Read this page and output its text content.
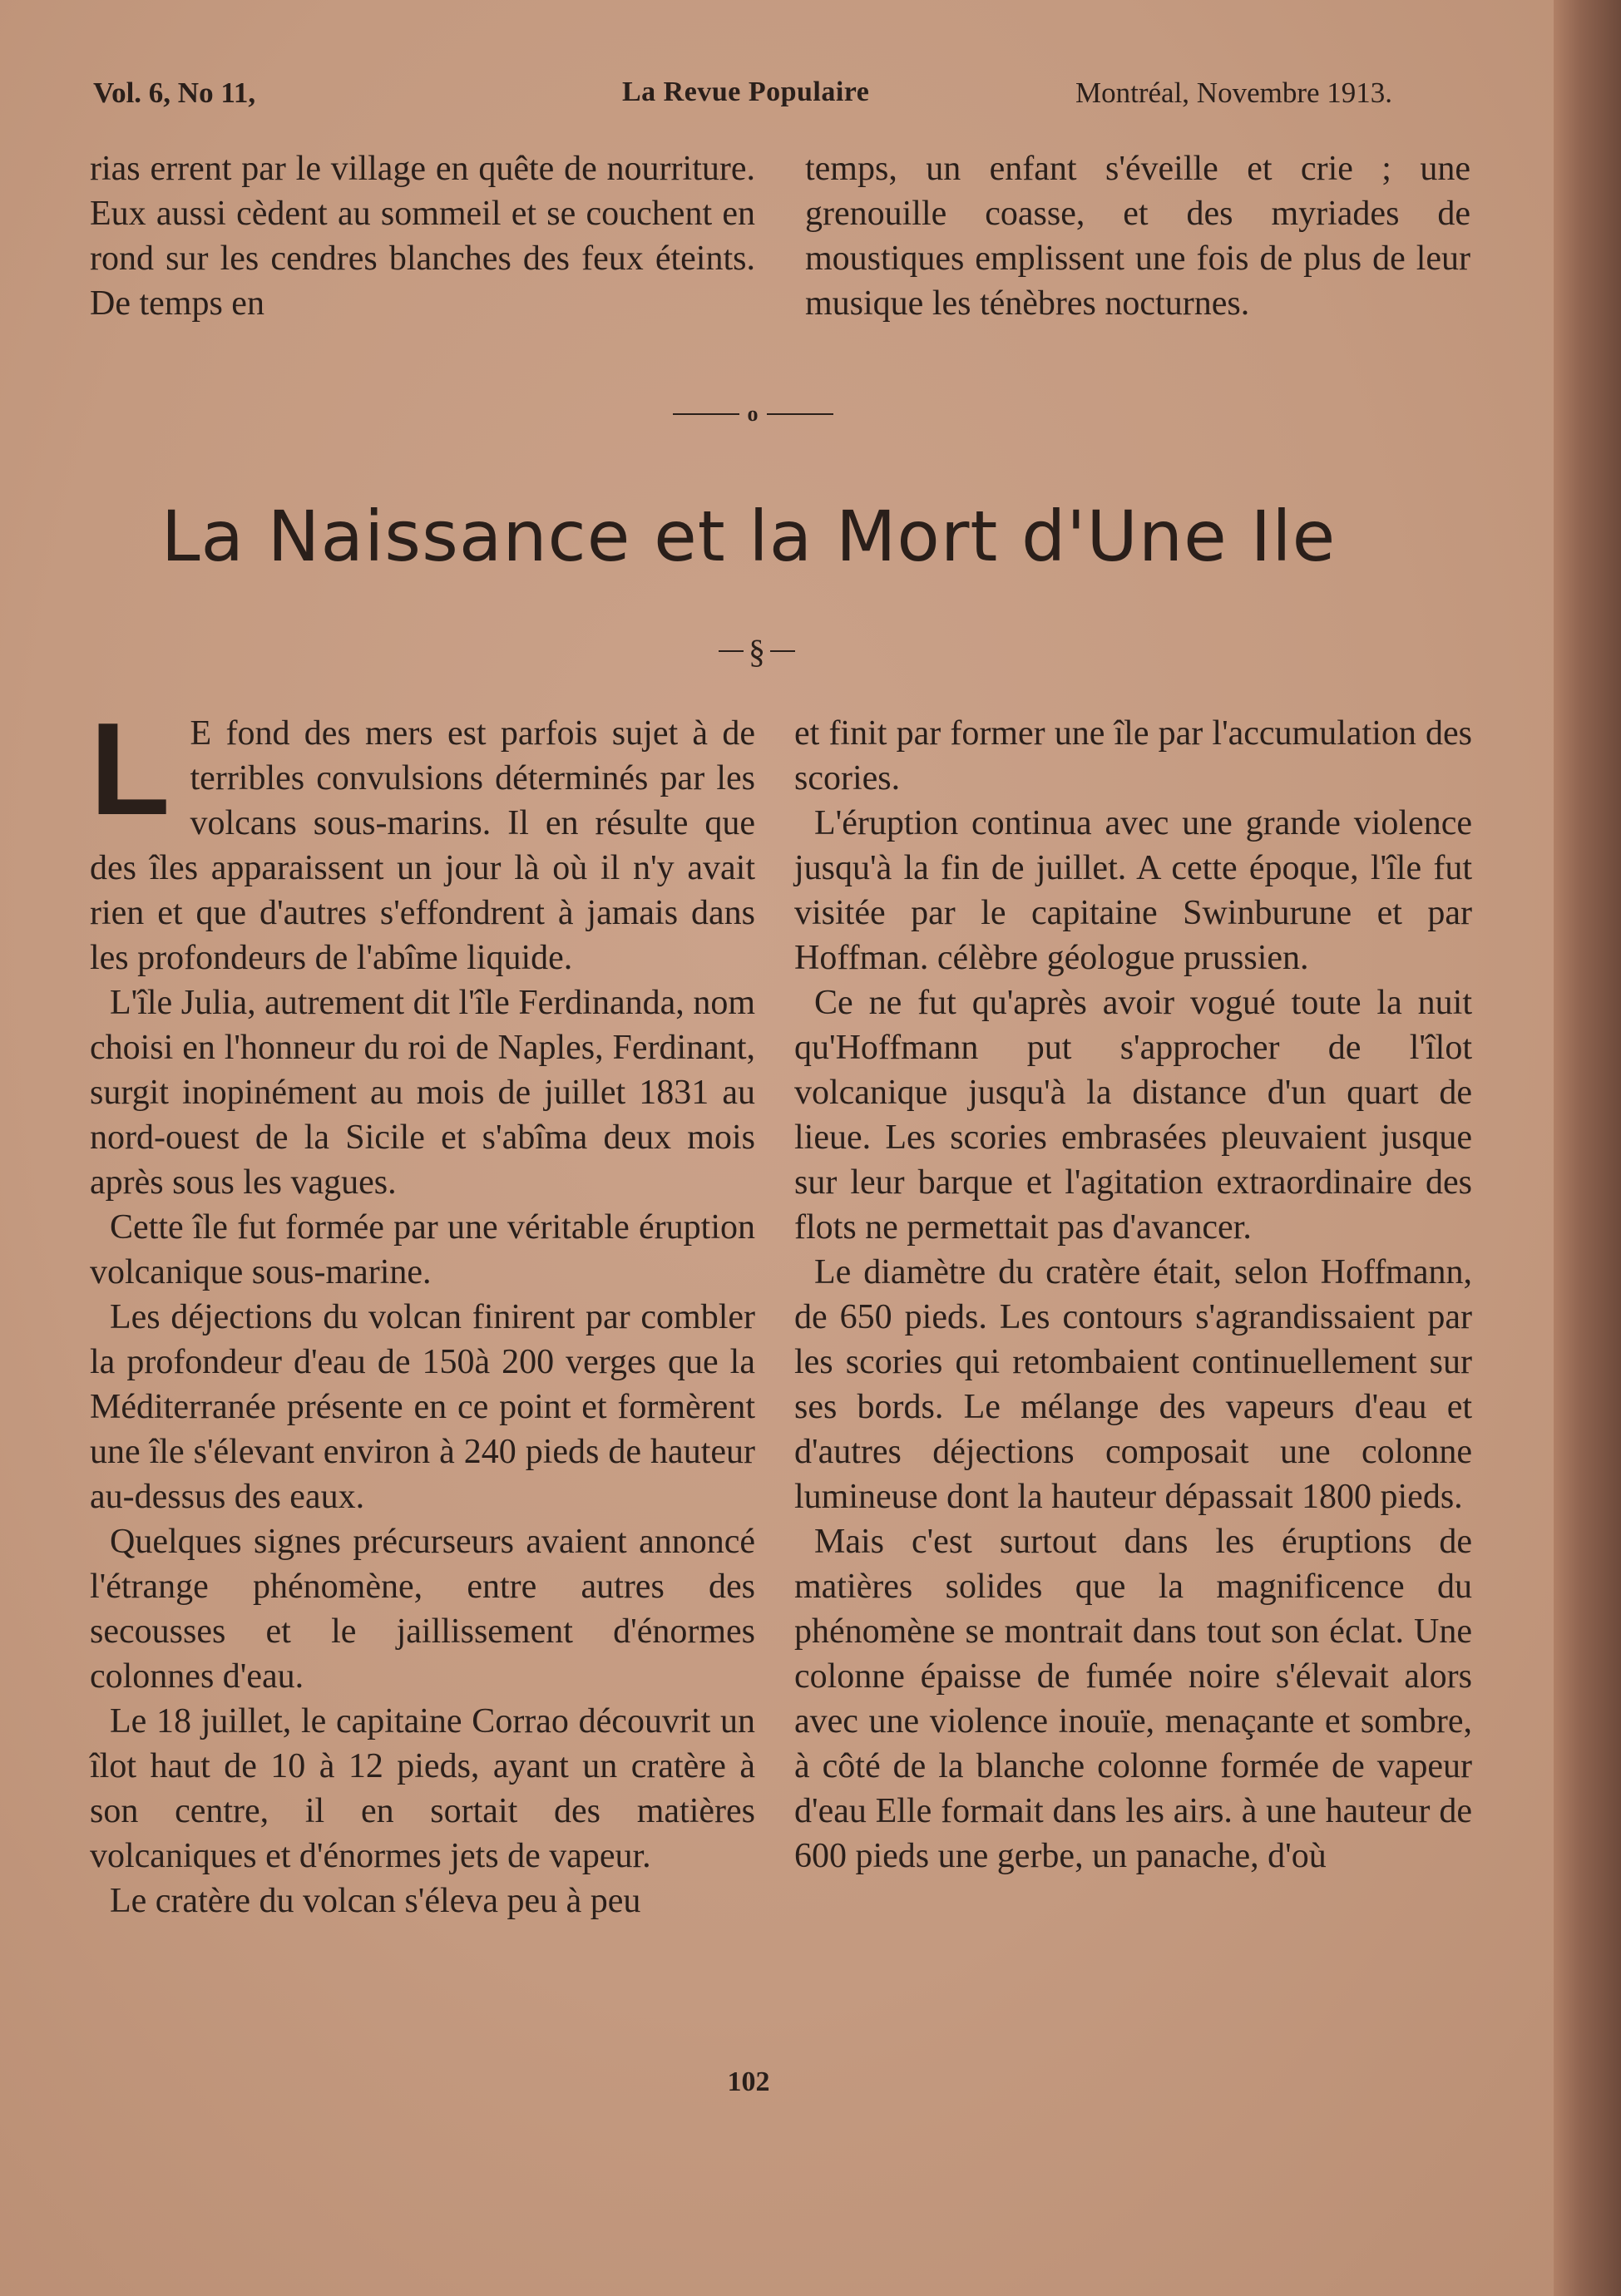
Vol. 6, No 11,	La Revue Populaire	Montréal, Novembre 1913.

rias errent par le village en quête de nourriture. Eux aussi cèdent au sommeil et se couchent en rond sur les cendres blanches des feux éteints. De temps en

temps, un enfant s'éveille et crie ; une grenouille coasse, et des myriades de moustiques emplissent une fois de plus de leur musique les ténèbres nocturnes.

o
La Naissance et la Mort d'Une Ile
§

L E fond des mers est parfois sujet à de terribles convulsions déterminés par les volcans sous-marins. Il en résulte que des îles apparaissent un jour là où il n'y avait rien et que d'autres s'effondrent à jamais dans les profondeurs de l'abîme liquide.

L'île Julia, autrement dit l'île Ferdinanda, nom choisi en l'honneur du roi de Naples, Ferdinant, surgit inopinément au mois de juillet 1831 au nord-ouest de la Sicile et s'abîma deux mois après sous les vagues.

Cette île fut formée par une véritable éruption volcanique sous-marine.

Les déjections du volcan finirent par combler la profondeur d'eau de 150à 200 verges que la Méditerranée présente en ce point et formèrent une île s'élevant environ à 240 pieds de hauteur au-dessus des eaux.

Quelques signes précurseurs avaient annoncé l'étrange phénomène, entre autres des secousses et le jaillissement d'énormes colonnes d'eau.

Le 18 juillet, le capitaine Corrao découvrit un îlot haut de 10 à 12 pieds, ayant un cratère à son centre, il en sortait des matières volcaniques et d'énormes jets de vapeur.

Le cratère du volcan s'éleva peu à peu

et finit par former une île par l'accumulation des scories.

L'éruption continua avec une grande violence jusqu'à la fin de juillet. A cette époque, l'île fut visitée par le capitaine Swinburune et par Hoffman. célèbre géologue prussien.

Ce ne fut qu'après avoir vogué toute la nuit qu'Hoffmann put s'approcher de l'îlot volcanique jusqu'à la distance d'un quart de lieue. Les scories embrasées pleuvaient jusque sur leur barque et l'agitation extraordinaire des flots ne permettait pas d'avancer.

Le diamètre du cratère était, selon Hoffmann, de 650 pieds. Les contours s'agrandissaient par les scories qui retombaient continuellement sur ses bords. Le mélange des vapeurs d'eau et d'autres déjections composait une colonne lumineuse dont la hauteur dépassait 1800 pieds.

Mais c'est surtout dans les éruptions de matières solides que la magnificence du phénomène se montrait dans tout son éclat. Une colonne épaisse de fumée noire s'élevait alors avec une violence inouïe, menaçante et sombre, à côté de la blanche colonne formée de vapeur d'eau Elle formait dans les airs. à une hauteur de 600 pieds une gerbe, un panache, d'où

102
